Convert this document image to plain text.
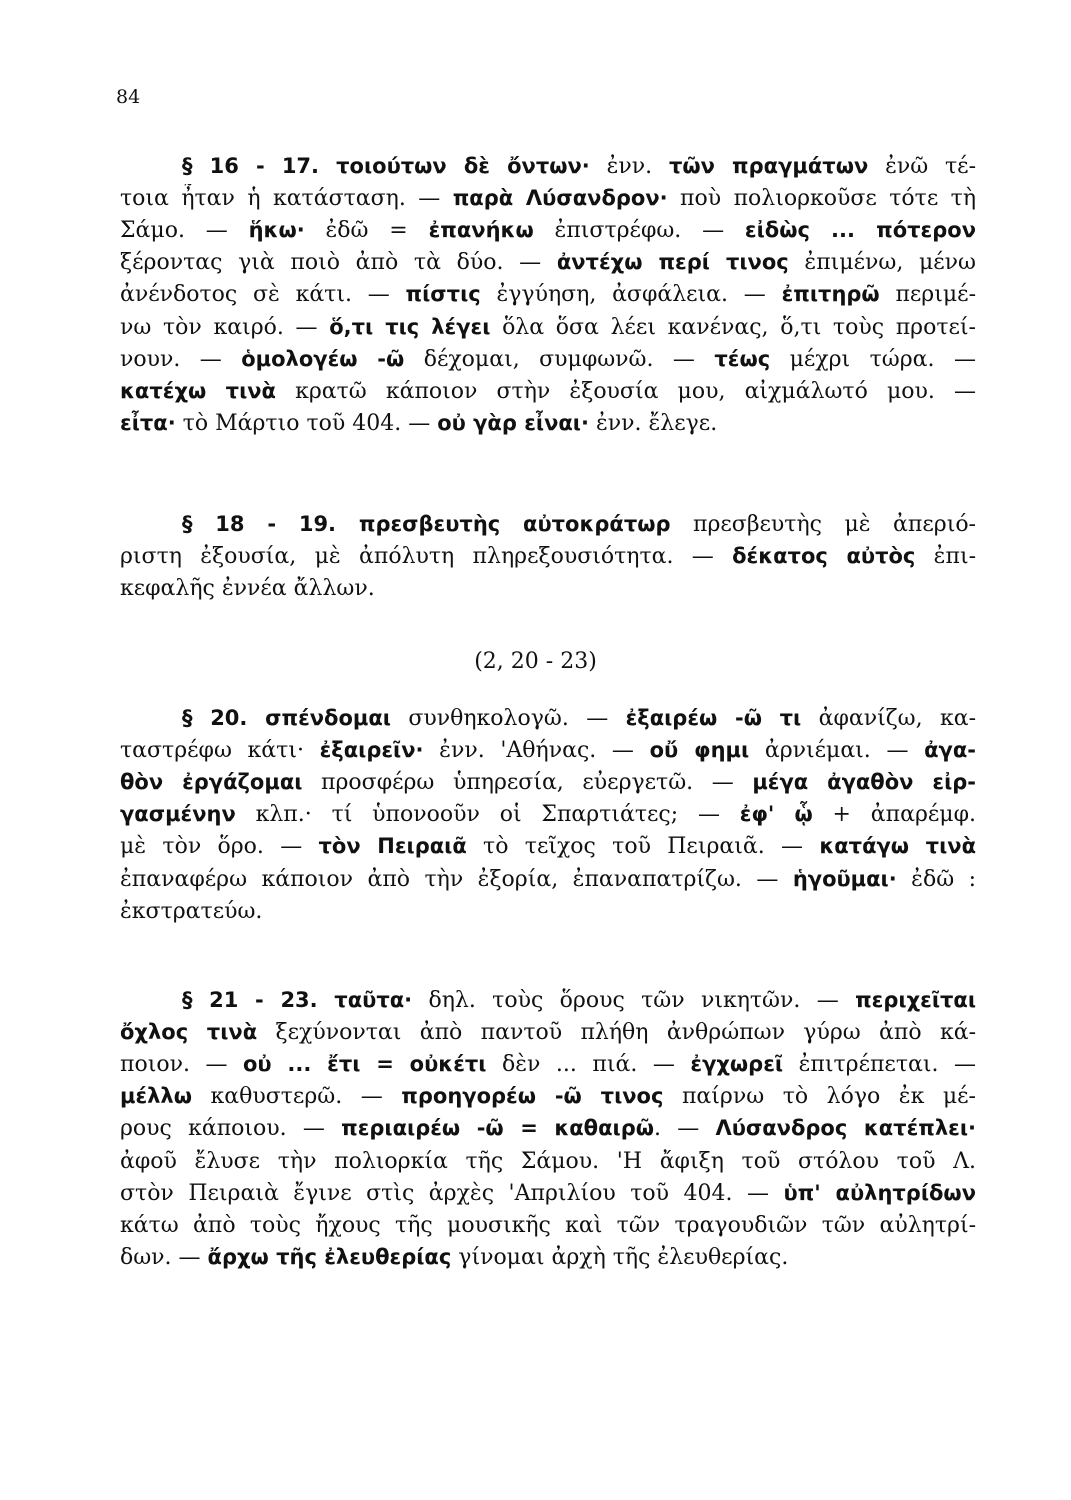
84
(2, 20 - 23)
§ 16 - 17. τοιούτων δὲ ὄντων· ἐνν. τῶν πραγμάτων ἐνῶ τέ-
τοια ἦταν ἡ κατάσταση. — παρὰ Λύσανδρον· ποὺ πολιορκοῦσε τότε τὴ
Σάμο. — ἥκω· ἐδῶ = ἐπανήκω ἐπιστρέφω. — εἰδὼς ... πότερον
ξέροντας γιὰ ποιὸ ἀπὸ τὰ δύο. — ἀντέχω περί τινος ἐπιμένω, μένω
ἀνένδοτος σὲ κάτι. — πίστις ἐγγύηση, ἀσφάλεια. — ἐπιτηρῶ περιμέ-
νω τὸν καιρό. — ὅ,τι τις λέγει ὅλα ὅσα λέει κανένας, ὅ,τι τοὺς προτεί-
νουν. — ὁμολογέω -ῶ δέχομαι, συμφωνῶ. — τέως μέχρι τώρα. —
κατέχω τινὰ κρατῶ κάποιον στὴν ἐξουσία μου, αἰχμάλωτό μου. —
εἶτα· τὸ Μάρτιο τοῦ 404. — οὐ γὰρ εἶναι· ἐνν. ἔλεγε.
§ 18 - 19. πρεσβευτὴς αὐτοκράτωρ πρεσβευτὴς μὲ ἀπεριό-
ριστη ἐξουσία, μὲ ἀπόλυτη πληρεξουσιότητα. — δέκατος αὐτὸς ἐπι-
κεφαλῆς ἐννέα ἄλλων.
§ 20. σπένδομαι συνθηκολογῶ. — ἐξαιρέω -ῶ τι ἀφανίζω, κα-
ταστρέφω κάτι· ἐξαιρεῖν· ἐνν. 'Αθήνας. — οὔ φημι ἀρνιέμαι. — ἀγα-
θὸν ἐργάζομαι προσφέρω ὑπηρεσία, εὐεργετῶ. — μέγα ἀγαθὸν εἰρ-
γασμένην κλπ.· τί ὑπονοοῦν οἱ Σπαρτιάτες; — ἐφ' ᾧ + ἀπαρέμφ.
μὲ τὸν ὅρο. — τὸν Πειραιᾶ τὸ τεῖχος τοῦ Πειραιᾶ. — κατάγω τινὰ
ἐπαναφέρω κάποιον ἀπὸ τὴν ἐξορία, ἐπαναπατρίζω. — ἡγοῦμαι· ἐδῶ :
ἐκστρατεύω.
§ 21 - 23. ταῦτα· δηλ. τοὺς ὅρους τῶν νικητῶν. — περιχεῖται
ὄχλος τινὰ ξεχύνονται ἀπὸ παντοῦ πλήθη ἀνθρώπων γύρω ἀπὸ κά-
ποιον. — οὐ ... ἔτι = οὐκέτι δὲν ... πιά. — ἐγχωρεῖ ἐπιτρέπεται. —
μέλλω καθυστερῶ. — προηγορέω -ῶ τινος παίρνω τὸ λόγο ἐκ μέ-
ρους κάποιου. — περιαιρέω -ῶ = καθαιρῶ. — Λύσανδρος κατέπλει·
ἀφοῦ ἔλυσε τὴν πολιορκία τῆς Σάμου. 'Η ἄφιξη τοῦ στόλου τοῦ Λ.
στὸν Πειραιὰ ἔγινε στὶς ἀρχὲς 'Απριλίου τοῦ 404. — ὑπ' αὐλητρίδων
κάτω ἀπὸ τοὺς ἤχους τῆς μουσικῆς καὶ τῶν τραγουδιῶν τῶν αὐλητρί-
δων. — ἄρχω τῆς ἐλευθερίας γίνομαι ἀρχὴ τῆς ἐλευθερίας.
